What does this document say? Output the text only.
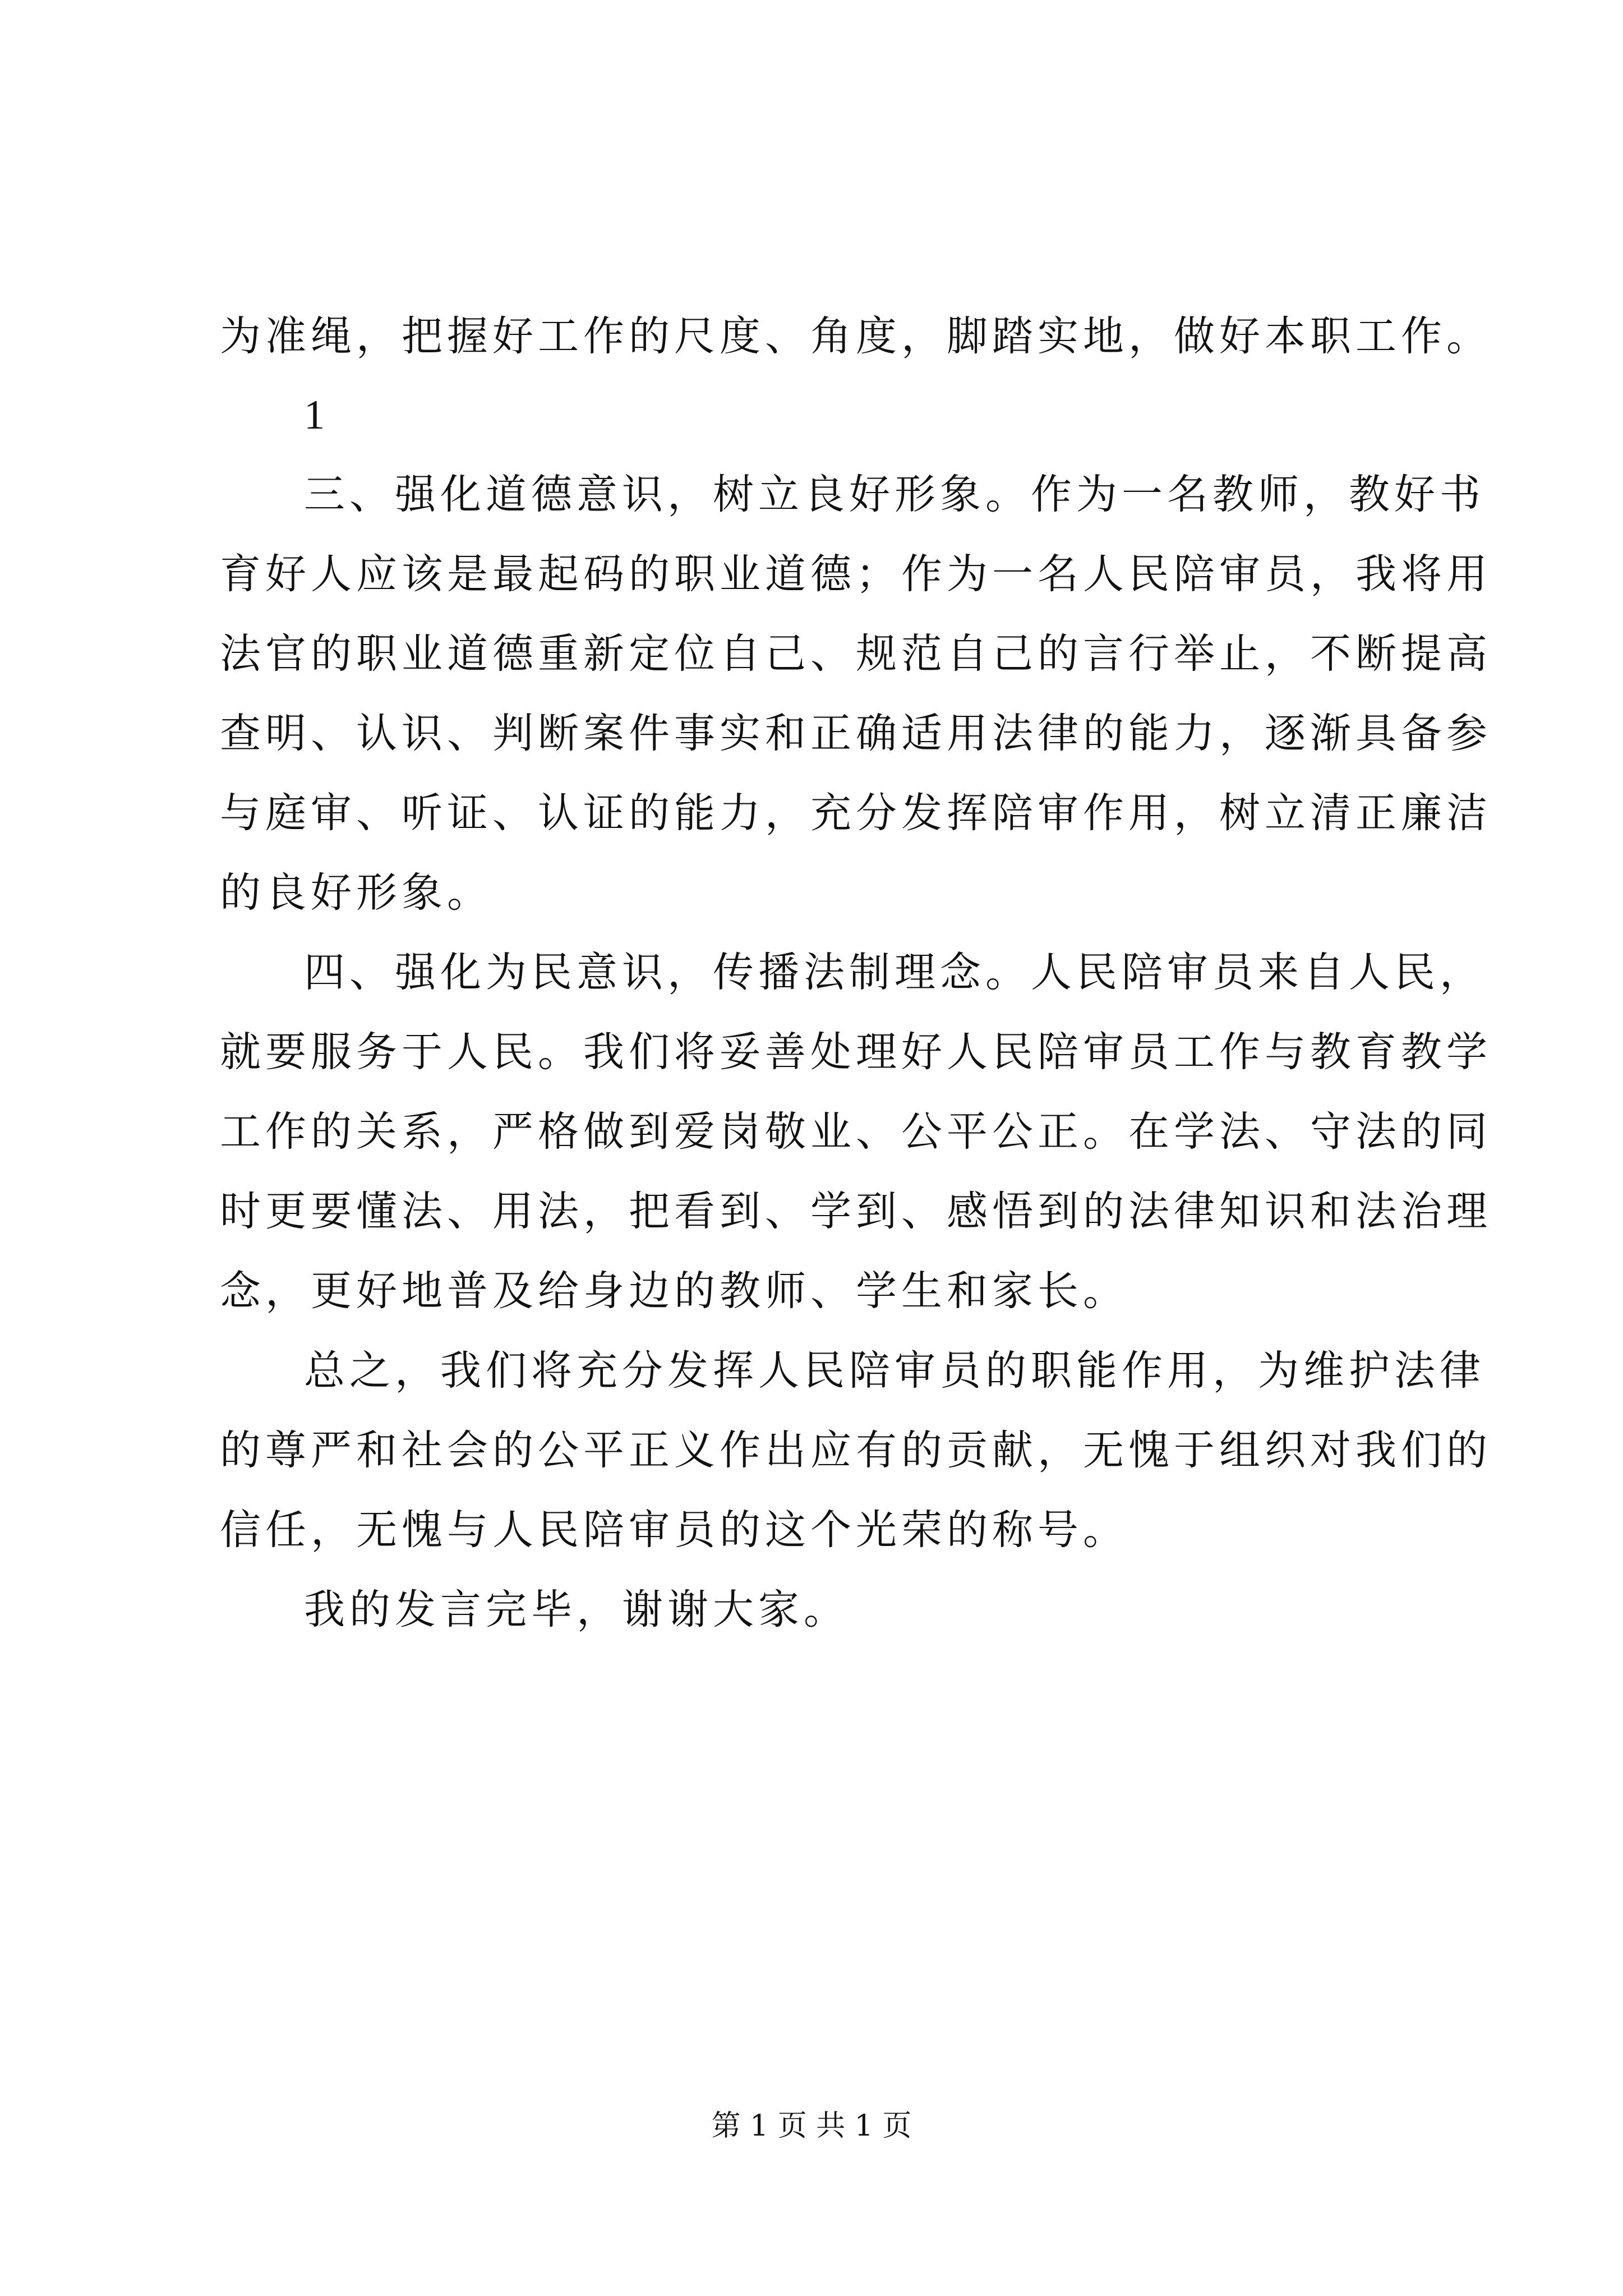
为准绳，把握好工作的尺度、角度，脚踏实地，做好本职工作。

1

三、强化道德意识，树立良好形象。作为一名教师，教好书

育好人应该是最起码的职业道德；作为一名人民陪审员，我将用

法官的职业道德重新定位自己、规范自己的言行举止，不断提高

查明、认识、判断案件事实和正确适用法律的能力，逐渐具备参

与庭审、听证、认证的能力，充分发挥陪审作用，树立清正廉洁

的良好形象。

四、强化为民意识，传播法制理念。人民陪审员来自人民，

就要服务于人民。我们将妥善处理好人民陪审员工作与教育教学

工作的关系，严格做到爱岗敬业、公平公正。在学法、守法的同

时更要懂法、用法，把看到、学到、感悟到的法律知识和法治理

念，更好地普及给身边的教师、学生和家长。

总之，我们将充分发挥人民陪审员的职能作用，为维护法律

的尊严和社会的公平正义作出应有的贡献，无愧于组织对我们的

信任，无愧与人民陪审员的这个光荣的称号。

我的发言完毕，谢谢大家。

第 1 页 共 1 页
